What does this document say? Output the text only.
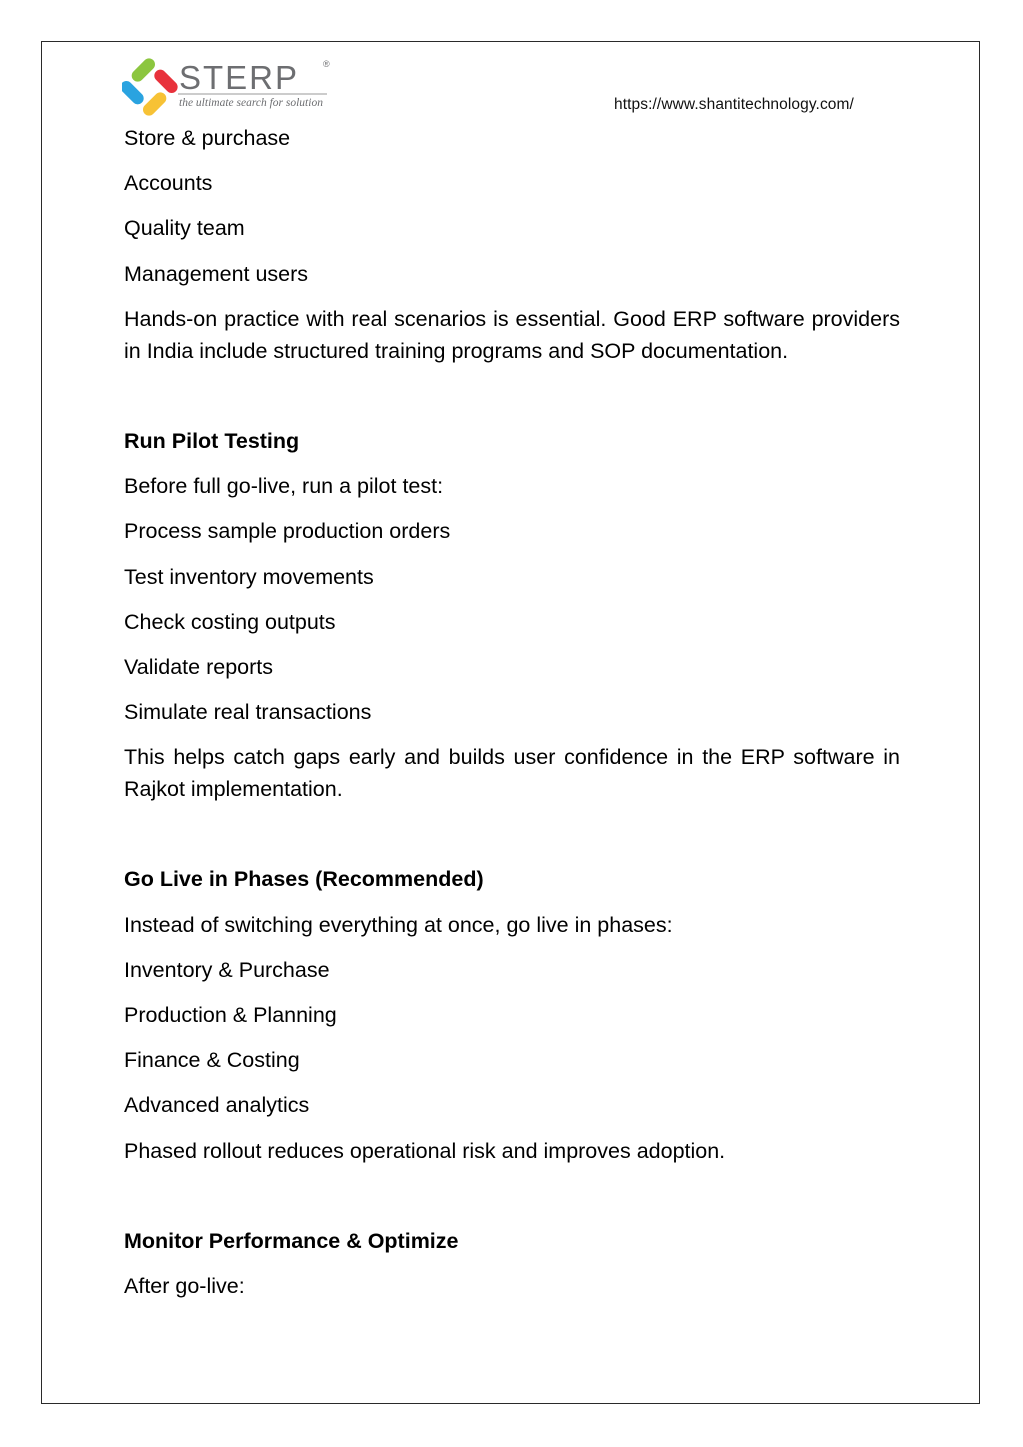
STERP	®
the ultimate search for solution	https://www.shantitechnology.com/

Store & purchase

Accounts

Quality team

Management users

Hands-on practice with real scenarios is essential. Good ERP software providers in India include structured training programs and SOP documentation.

Run Pilot Testing

Before full go-live, run a pilot test:

Process sample production orders

Test inventory movements

Check costing outputs

Validate reports

Simulate real transactions

This helps catch gaps early and builds user confidence in the ERP software in Rajkot implementation.

Go Live in Phases (Recommended)

Instead of switching everything at once, go live in phases:

Inventory & Purchase

Production & Planning

Finance & Costing

Advanced analytics

Phased rollout reduces operational risk and improves adoption.

Monitor Performance & Optimize

After go-live:
